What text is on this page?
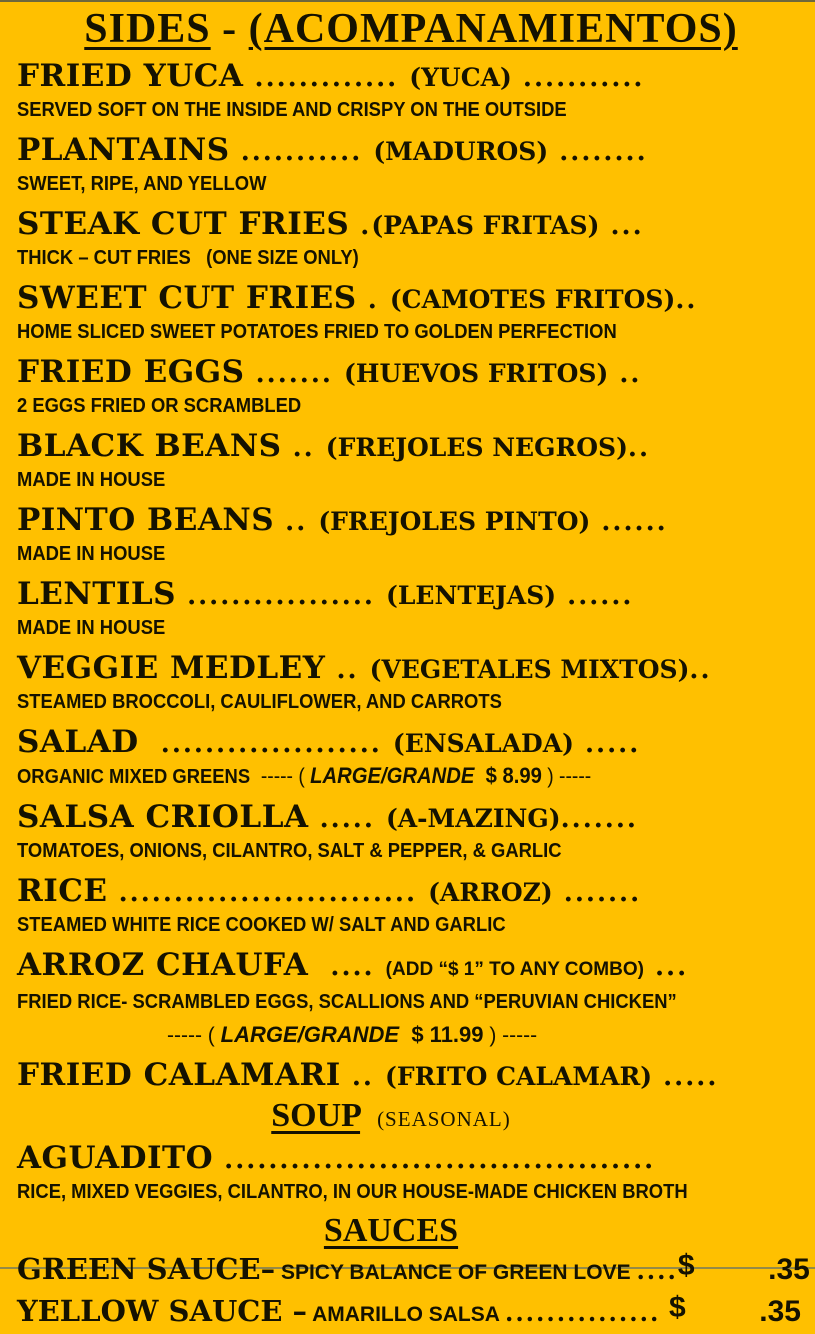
SIDES - (ACOMPANAMIENTOS)
FRIED YUCA ............. (YUCA) ...........
SERVED SOFT ON THE INSIDE AND CRISPY ON THE OUTSIDE
PLANTAINS ........... (MADUROS) ........
SWEET, RIPE, AND YELLOW
STEAK CUT FRIES .(PAPAS FRITAS) ...
THICK – CUT FRIES   (ONE SIZE ONLY)
SWEET CUT FRIES . (CAMOTES FRITOS)..
HOME SLICED SWEET POTATOES FRIED TO GOLDEN PERFECTION
FRIED EGGS ....... (HUEVOS FRITOS) ..
2 EGGS FRIED OR SCRAMBLED
BLACK BEANS .. (FREJOLES NEGROS)..
MADE IN HOUSE
PINTO BEANS .. (FREJOLES PINTO) ......
MADE IN HOUSE
LENTILS ................. (LENTEJAS) ......
MADE IN HOUSE
VEGGIE MEDLEY .. (VEGETALES MIXTOS)..
STEAMED BROCCOLI, CAULIFLOWER, AND CARROTS
SALAD  .................... (ENSALADA) .....
ORGANIC MIXED GREENS  ----- ( LARGE/GRANDE  $ 8.99 ) -----
SALSA CRIOLLA ..... (A-MAZING).......
TOMATOES, ONIONS, CILANTRO, SALT & PEPPER, & GARLIC
RICE ........................... (ARROZ) .......
STEAMED WHITE RICE COOKED W/ SALT AND GARLIC
ARROZ CHAUFA  .... (ADD “$ 1” TO ANY COMBO) ...
FRIED RICE- SCRAMBLED EGGS, SCALLIONS AND “PERUVIAN CHICKEN”
----- ( LARGE/GRANDE  $ 11.99 ) -----
FRIED CALAMARI .. (FRITO CALAMAR) .....
SOUP (SEASONAL)
AGUADITO .......................................
RICE, MIXED VEGGIES, CILANTRO, IN OUR HOUSE-MADE CHICKEN BROTH
SAUCES
GREEN SAUCE– SPICY BALANCE OF GREEN LOVE .... $ .35
YELLOW SAUCE – AMARILLO SALSA ............... $ .35
